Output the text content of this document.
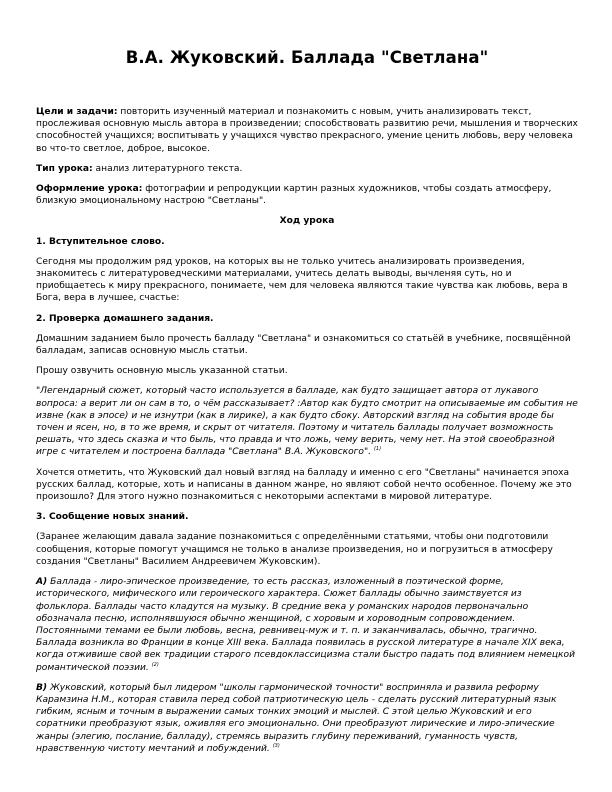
В.А. Жуковский. Баллада "Светлана"

Цели и задачи: повторить изученный материал и познакомить с новым, учить анализировать текст, прослеживая основную мысль автора в произведении; способствовать развитию речи, мышления и творческих способностей учащихся; воспитывать у учащихся чувство прекрасного, умение ценить любовь, веру человека во что-то светлое, доброе, высокое.

Тип урока: анализ литературного текста.

Оформление урока: фотографии и репродукции картин разных художников, чтобы создать атмосферу, близкую эмоциональному настрою "Светланы".

Ход урока

1. Вступительное слово.

Сегодня мы продолжим ряд уроков, на которых вы не только учитесь анализировать произведения, знакомитесь с литературоведческими материалами, учитесь делать выводы, вычленяя суть, но и приобщаетесь к миру прекрасного, понимаете, чем для человека являются такие чувства как любовь, вера в Бога, вера в лучшее, счастье:

2. Проверка домашнего задания.

Домашним заданием было прочесть балладу "Светлана" и ознакомиться со статьёй в учебнике, посвящённой балладам, записав основную мысль статьи.

Прошу озвучить основную мысль указанной статьи.

"Легендарный сюжет, который часто используется в балладе, как будто защищает автора от лукавого вопроса: а верит ли он сам в то, о чём рассказывает? :Автор как будто смотрит на описываемые им события не извне (как в эпосе) и не изнутри (как в лирике), а как будто сбоку. Авторский взгляд на события вроде бы точен и ясен, но, в то же время, и скрыт от читателя. Поэтому и читатель баллады получает возможность решать, что здесь сказка и что быль, что правда и что ложь, чему верить, чему нет. На этой своеобразной игре с читателем и построена баллада "Светлана" В.А. Жуковского". $^{(1)}$

Хочется отметить, что Жуковский дал новый взгляд на балладу и именно с его "Светланы" начинается эпоха русских баллад, которые, хоть и написаны в данном жанре, но являют собой нечто особенное. Почему же это произошло? Для этого нужно познакомиться с некоторыми аспектами в мировой литературе.

3. Сообщение новых знаний.

(Заранее желающим давала задание познакомиться с определёнными статьями, чтобы они подготовили сообщения, которые помогут учащимся не только в анализе произведения, но и погрузиться в атмосферу создания "Светланы" Василием Андреевичем Жуковским).

А) Баллада - лиро-эпическое произведение, то есть рассказ, изложенный в поэтической форме, исторического, мифического или героического характера. Сюжет баллады обычно заимствуется из фольклора. Баллады часто кладутся на музыку. В средние века у романских народов первоначально обозначала песню, исполнявшуюся обычно женщиной, с хоровым и хороводным сопровождением. Постоянными темами ее были любовь, весна, ревнивец-муж и т. п. и заканчивалась, обычно, трагично. Баллада возникла во Франции в конце XIII века. Баллада появилась в русской литературе в начале XIX века, когда отживише свой век традиции старого псевдоклассицизма стали быстро падать под влиянием немецкой романтической поэзии. $^{(2)}$

В) Жуковский, который был лидером "школы гармонической точности" восприняла и развила реформу Карамзина Н.М., которая ставила перед собой патриотическую цель - сделать русский литературный язык гибким, ясным и точным в выражении самых тонких эмоций и мыслей. С этой целью Жуковский и его соратники преобразуют язык, оживляя его эмоционально. Они преобразуют лирические и лиро-эпические жанры (элегию, послание, балладу), стремясь выразить глубину переживаний, гуманность чувств, нравственную чистоту мечтаний и побуждений. $^{(3)}$
